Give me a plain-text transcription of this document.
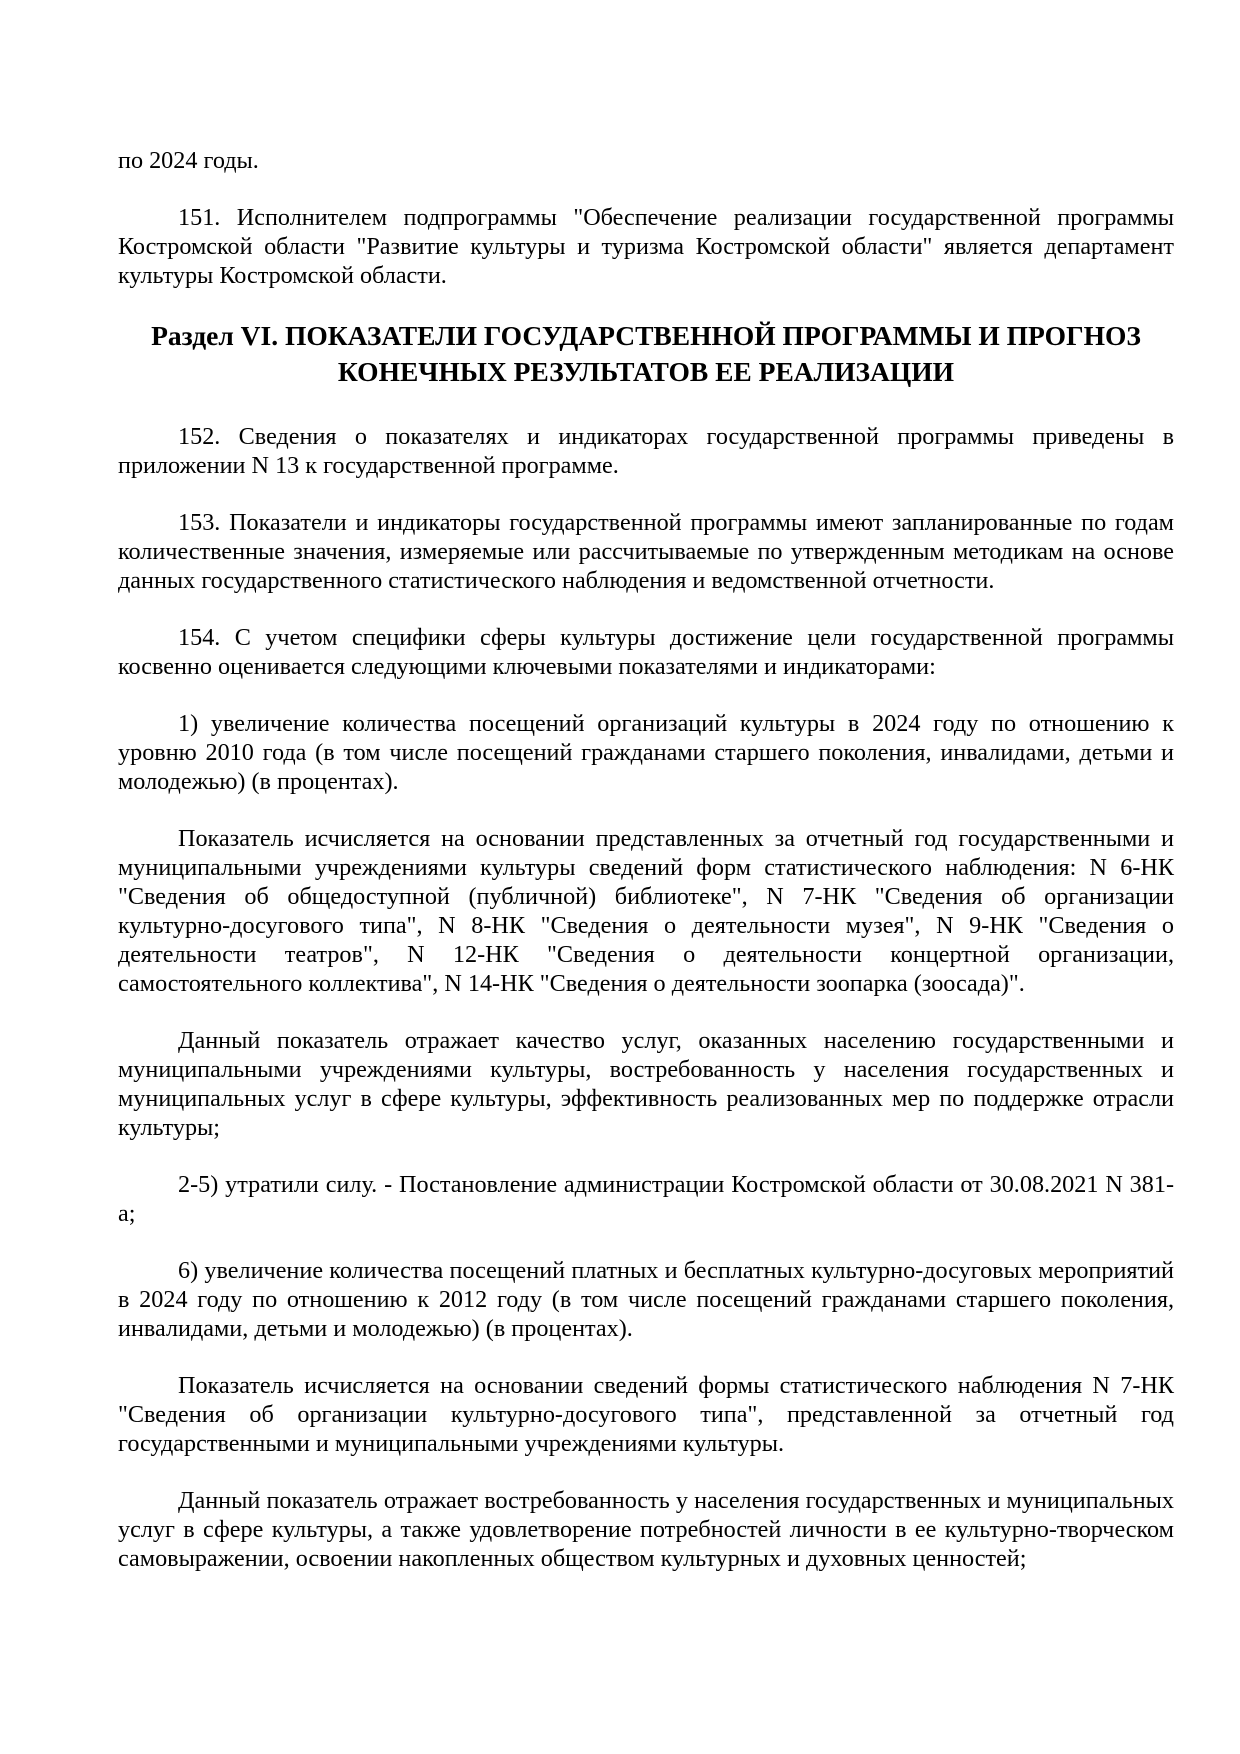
по 2024 годы.

151. Исполнителем подпрограммы "Обеспечение реализации государственной программы Костромской области "Развитие культуры и туризма Костромской области" является департамент культуры Костромской области.

Раздел VI. ПОКАЗАТЕЛИ ГОСУДАРСТВЕННОЙ ПРОГРАММЫ И ПРОГНОЗ КОНЕЧНЫХ РЕЗУЛЬТАТОВ ЕЕ РЕАЛИЗАЦИИ

152. Сведения о показателях и индикаторах государственной программы приведены в приложении N 13 к государственной программе.

153. Показатели и индикаторы государственной программы имеют запланированные по годам количественные значения, измеряемые или рассчитываемые по утвержденным методикам на основе данных государственного статистического наблюдения и ведомственной отчетности.

154. С учетом специфики сферы культуры достижение цели государственной программы косвенно оценивается следующими ключевыми показателями и индикаторами:

1) увеличение количества посещений организаций культуры в 2024 году по отношению к уровню 2010 года (в том числе посещений гражданами старшего поколения, инвалидами, детьми и молодежью) (в процентах).

Показатель исчисляется на основании представленных за отчетный год государственными и муниципальными учреждениями культуры сведений форм статистического наблюдения: N 6-НК "Сведения об общедоступной (публичной) библиотеке", N 7-НК "Сведения об организации культурно-досугового типа", N 8-НК "Сведения о деятельности музея", N 9-НК "Сведения о деятельности театров", N 12-НК "Сведения о деятельности концертной организации, самостоятельного коллектива", N 14-НК "Сведения о деятельности зоопарка (зоосада)".

Данный показатель отражает качество услуг, оказанных населению государственными и муниципальными учреждениями культуры, востребованность у населения государственных и муниципальных услуг в сфере культуры, эффективность реализованных мер по поддержке отрасли культуры;

2-5) утратили силу. - Постановление администрации Костромской области от 30.08.2021 N 381-а;

6) увеличение количества посещений платных и бесплатных культурно-досуговых мероприятий в 2024 году по отношению к 2012 году (в том числе посещений гражданами старшего поколения, инвалидами, детьми и молодежью) (в процентах).

Показатель исчисляется на основании сведений формы статистического наблюдения N 7-НК "Сведения об организации культурно-досугового типа", представленной за отчетный год государственными и муниципальными учреждениями культуры.

Данный показатель отражает востребованность у населения государственных и муниципальных услуг в сфере культуры, а также удовлетворение потребностей личности в ее культурно-творческом самовыражении, освоении накопленных обществом культурных и духовных ценностей;
